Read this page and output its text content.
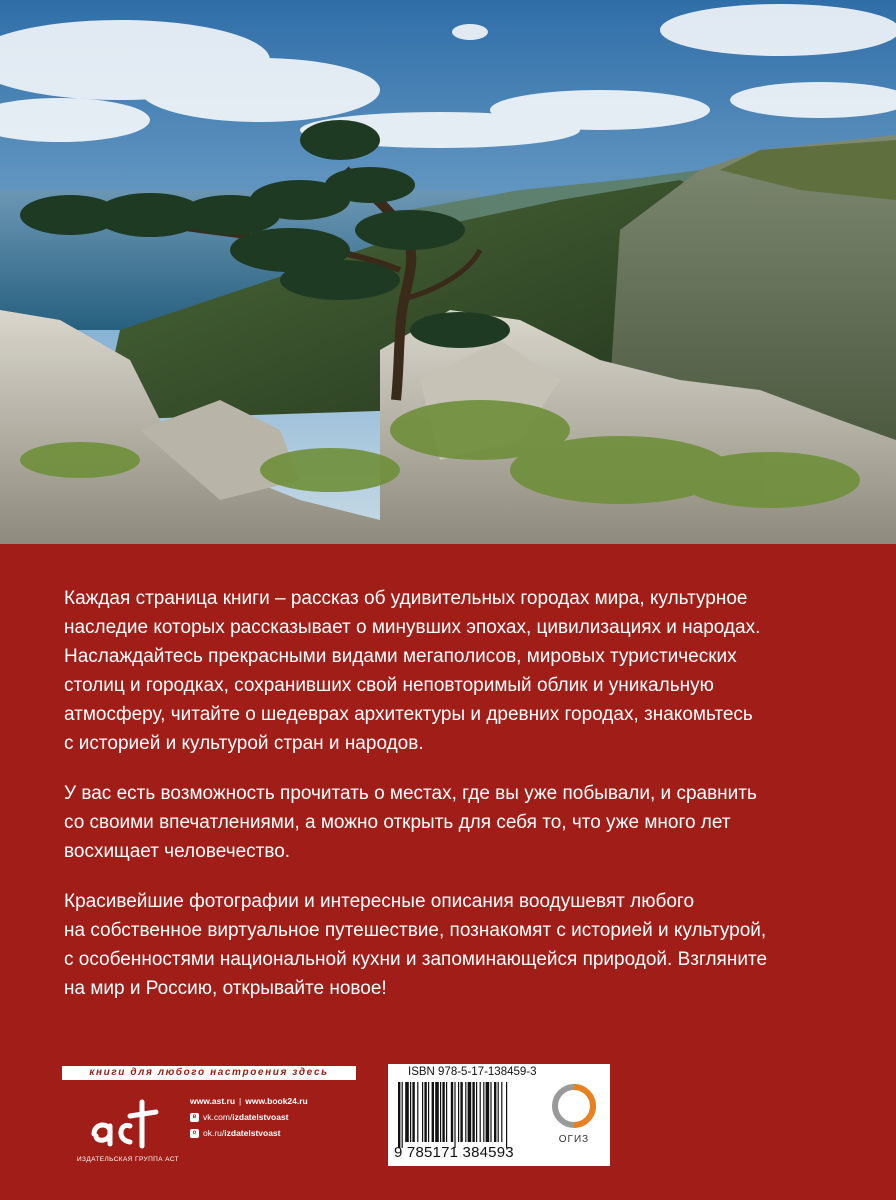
Каждая страница книги – рассказ об удивительных городах мира, культурное
наследие которых рассказывает о минувших эпохах, цивилизациях и народах.
Наслаждайтесь прекрасными видами мегаполисов, мировых туристических
столиц и городках, сохранивших свой неповторимый облик и уникальную
атмосферу, читайте о шедеврах архитектуры и древних городах, знакомьтесь
с историей и культурой стран и народов.

У вас есть возможность прочитать о местах, где вы уже побывали, и сравнить
со своими впечатлениями, а можно открыть для себя то, что уже много лет
восхищает человечество.

Красивейшие фотографии и интересные описания воодушевят любого
на собственное виртуальное путешествие, познакомят с историей и культурой,
с особенностями национальной кухни и запоминающейся природой. Взгляните
на мир и Россию, открывайте новое!

книги для любого настроения здесь
аст
ИЗДАТЕЛЬСКАЯ ГРУППА АСТ
www.ast.ru | www.book24.ru
в vk.com/ izdatelstvoast
о ok.ru/ izdatelstvoast
ISBN 978-5-17-138459-3
9 785171 384593
ОГИЗ
